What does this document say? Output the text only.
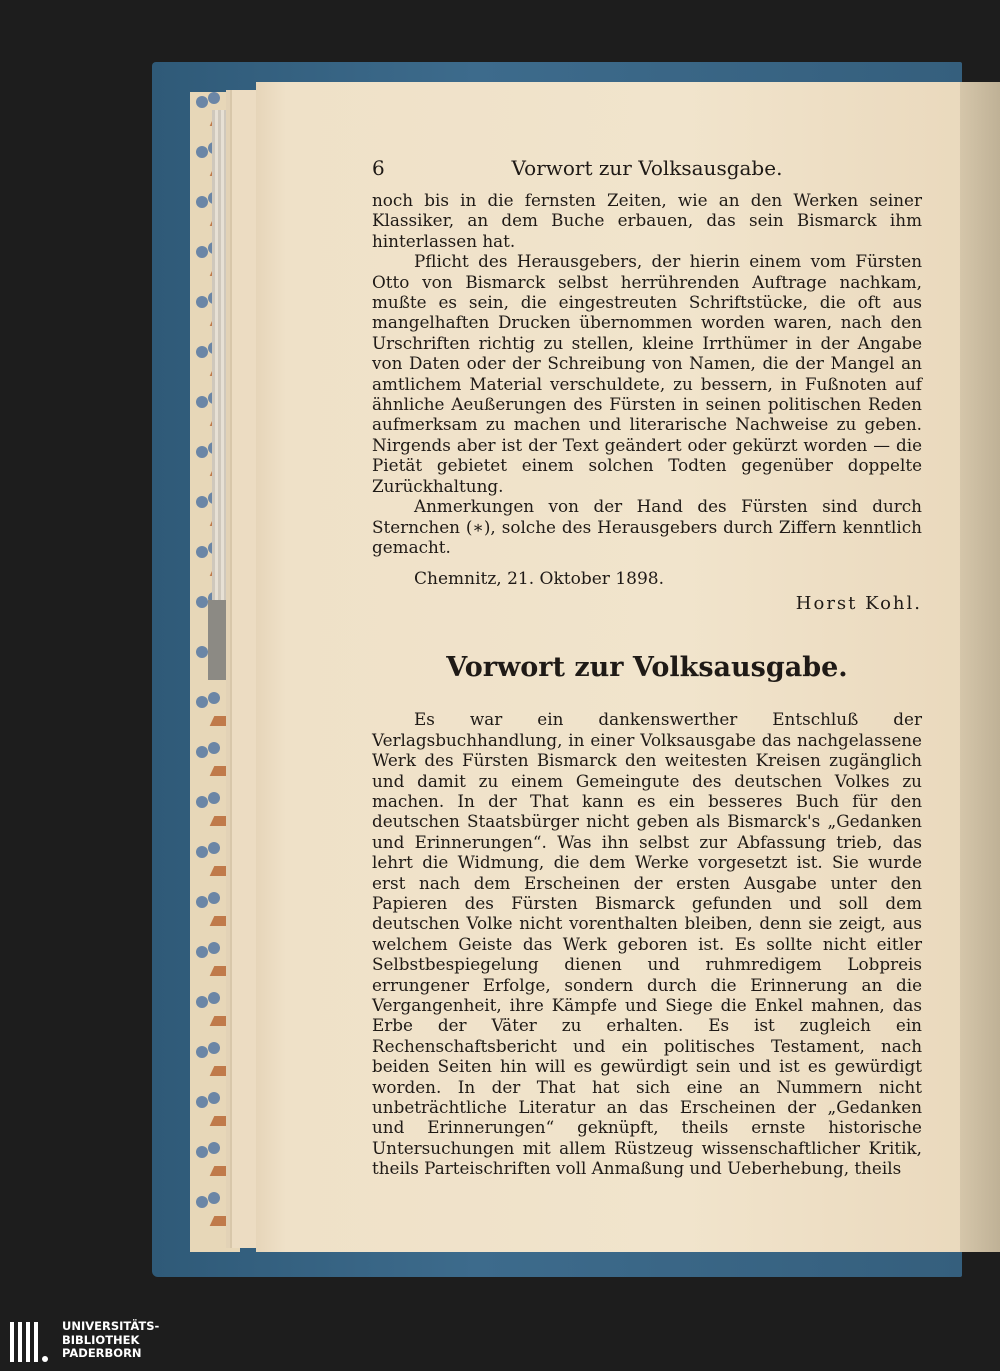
6	Vorwort zur Volksausgabe.

noch bis in die fernsten Zeiten, wie an den Werken seiner Klassiker, an dem Buche erbauen, das sein Bismarck ihm hinterlassen hat.

Pflicht des Herausgebers, der hierin einem vom Fürsten Otto von Bismarck selbst herrührenden Auftrage nachkam, mußte es sein, die eingestreuten Schriftstücke, die oft aus mangelhaften Drucken übernommen worden waren, nach den Urschriften richtig zu stellen, kleine Irrthümer in der Angabe von Daten oder der Schreibung von Namen, die der Mangel an amtlichem Material verschuldete, zu bessern, in Fußnoten auf ähnliche Aeußerungen des Fürsten in seinen politischen Reden aufmerksam zu machen und literarische Nachweise zu geben. Nirgends aber ist der Text geändert oder gekürzt worden — die Pietät gebietet einem solchen Todten gegenüber doppelte Zurückhaltung.

Anmerkungen von der Hand des Fürsten sind durch Sternchen (∗), solche des Herausgebers durch Ziffern kenntlich gemacht.

Chemnitz, 21. Oktober 1898.
Horst Kohl.
Vorwort zur Volksausgabe.

Es war ein dankenswerther Entschluß der Verlagsbuchhandlung, in einer Volksausgabe das nachgelassene Werk des Fürsten Bismarck den weitesten Kreisen zugänglich und damit zu einem Gemeingute des deutschen Volkes zu machen. In der That kann es ein besseres Buch für den deutschen Staatsbürger nicht geben als Bismarck's „Gedanken und Erinnerungen“. Was ihn selbst zur Abfassung trieb, das lehrt die Widmung, die dem Werke vorgesetzt ist. Sie wurde erst nach dem Erscheinen der ersten Ausgabe unter den Papieren des Fürsten Bismarck gefunden und soll dem deutschen Volke nicht vorenthalten bleiben, denn sie zeigt, aus welchem Geiste das Werk geboren ist. Es sollte nicht eitler Selbstbespiegelung dienen und ruhmredigem Lobpreis errungener Erfolge, sondern durch die Erinnerung an die Vergangenheit, ihre Kämpfe und Siege die Enkel mahnen, das Erbe der Väter zu erhalten. Es ist zugleich ein Rechenschaftsbericht und ein politisches Testament, nach beiden Seiten hin will es gewürdigt sein und ist es gewürdigt worden. In der That hat sich eine an Nummern nicht unbeträchtliche Literatur an das Erscheinen der „Gedanken und Erinnerungen“ geknüpft, theils ernste historische Untersuchungen mit allem Rüstzeug wissenschaftlicher Kritik, theils Parteischriften voll Anmaßung und Ueberhebung, theils

UNIVERSITÄTS-
BIBLIOTHEK
PADERBORN
